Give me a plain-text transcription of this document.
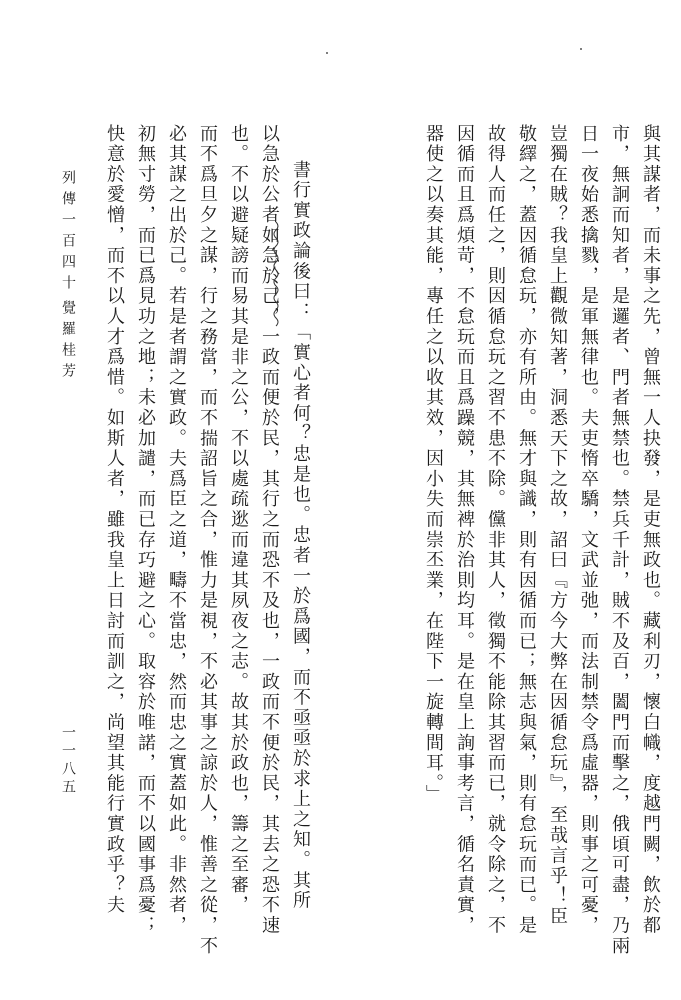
與其謀者，而未事之先，曾無一人抉發，是吏無政也。藏利刃，懷白幟，度越門闕，飲於都
市，無詗而知者，是邏者、門者無禁也。禁兵千計，賊不及百，闔門而擊之，俄頃可盡，乃兩
日一夜始悉擒戮，是軍無律也。夫吏惰卒驕，文武並弛，而法制禁令爲虛器，則事之可憂，
豈獨在賊？我皇上觀微知著，洞悉天下之故，詔曰『方今大弊在因循怠玩』，至哉言乎！臣
敬繹之，蓋因循怠玩，亦有所由。無才與識，則有因循而已；無志與氣，則有怠玩而已。是
故得人而任之，則因循怠玩之習不患不除。儻非其人，徵獨不能除其習而已，就令除之，不
因循而且爲煩苛，不怠玩而且爲躁競，其無裨於治則均耳。是在皇上詢事考言，循名責實，
器使之以奏其能，專任之以收其效，因小失而崇丕業，在陛下一旋轉間耳。」
書行實政論後曰：「實心者何？忠是也。忠者一於爲國，而不亟亟於求上之知。其所
以急於公者如急於己，一政而便於民，其行之而恐不及也，一政而不便於民，其去之恐不速
也。不以避疑謗而易其是非之公，不以處疏逖而違其夙夜之志。故其於政也，籌之至審，
而不爲旦夕之謀，行之務當，而不揣詔旨之合，惟力是視，不必其事之諒於人，惟善之從，不
必其謀之出於己。若是者謂之實政。夫爲臣之道，疇不當忠，然而忠之實蓋如此。非然者，
初無寸勞，而已爲見功之地；未必加譴，而已存巧避之心。取容於唯諾，而不以國事爲憂；
快意於愛憎，而不以人才爲惜。如斯人者，雖我皇上日討而訓之，尚望其能行實政乎？夫
列傳一百四十
覺羅桂芳
一一八五
